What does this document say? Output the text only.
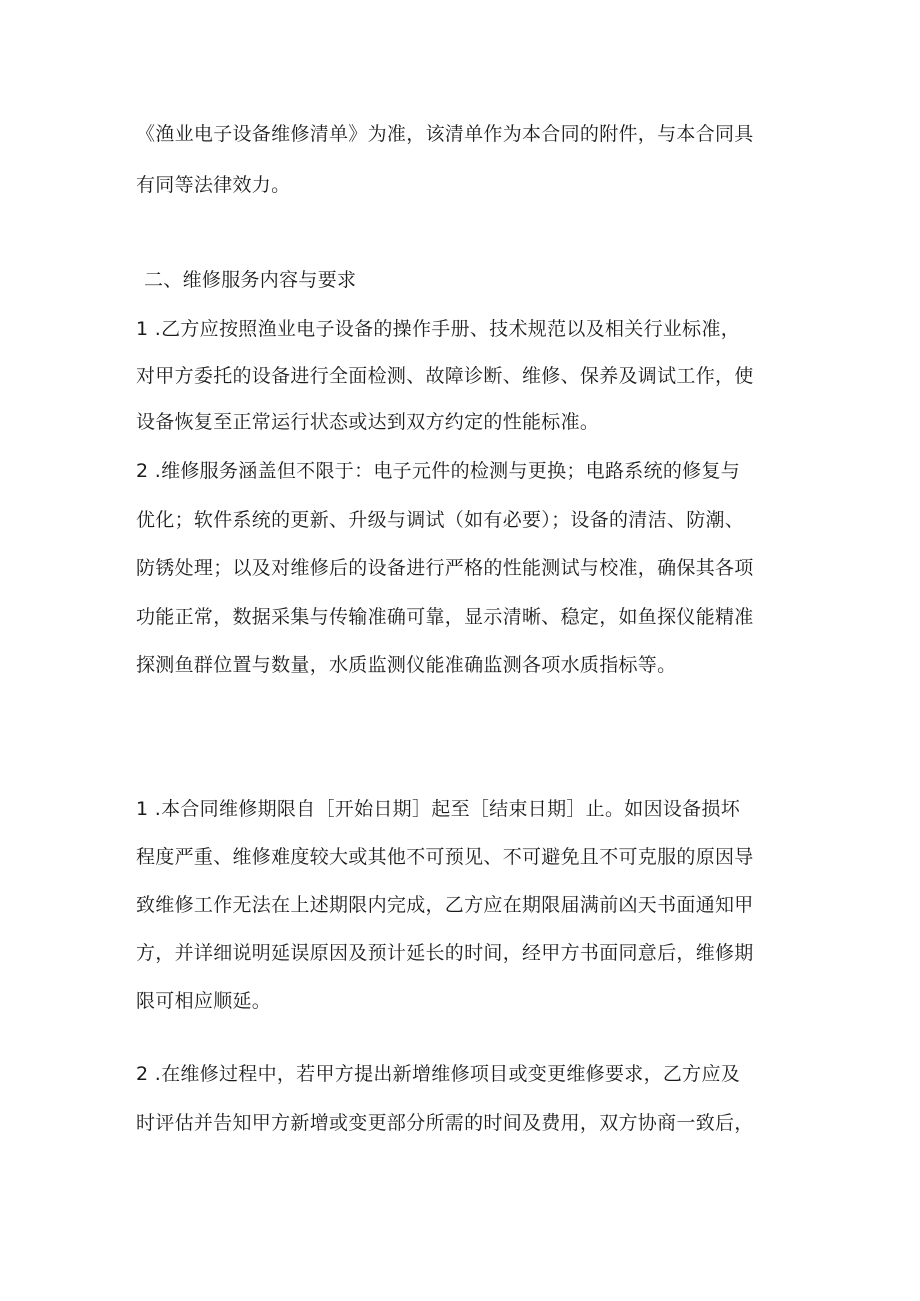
《渔业电子设备维修清单》为准，该清单作为本合同的附件，与本合同具
有同等法律效力。
二、维修服务内容与要求
1 .乙方应按照渔业电子设备的操作手册、技术规范以及相关行业标准，
对甲方委托的设备进行全面检测、故障诊断、维修、保养及调试工作，使
设备恢复至正常运行状态或达到双方约定的性能标准。
2 .维修服务涵盖但不限于：电子元件的检测与更换；电路系统的修复与
优化；软件系统的更新、升级与调试（如有必要）；设备的清洁、防潮、
防锈处理；以及对维修后的设备进行严格的性能测试与校准，确保其各项
功能正常，数据采集与传输准确可靠，显示清晰、稳定，如鱼探仪能精准
探测鱼群位置与数量，水质监测仪能准确监测各项水质指标等。
1 .本合同维修期限自［开始日期］起至［结束日期］止。如因设备损坏
程度严重、维修难度较大或其他不可预见、不可避免且不可克服的原因导
致维修工作无法在上述期限内完成，乙方应在期限届满前凶天书面通知甲
方，并详细说明延误原因及预计延长的时间，经甲方书面同意后，维修期
限可相应顺延。
2 .在维修过程中，若甲方提出新增维修项目或变更维修要求，乙方应及
时评估并告知甲方新增或变更部分所需的时间及费用，双方协商一致后，
